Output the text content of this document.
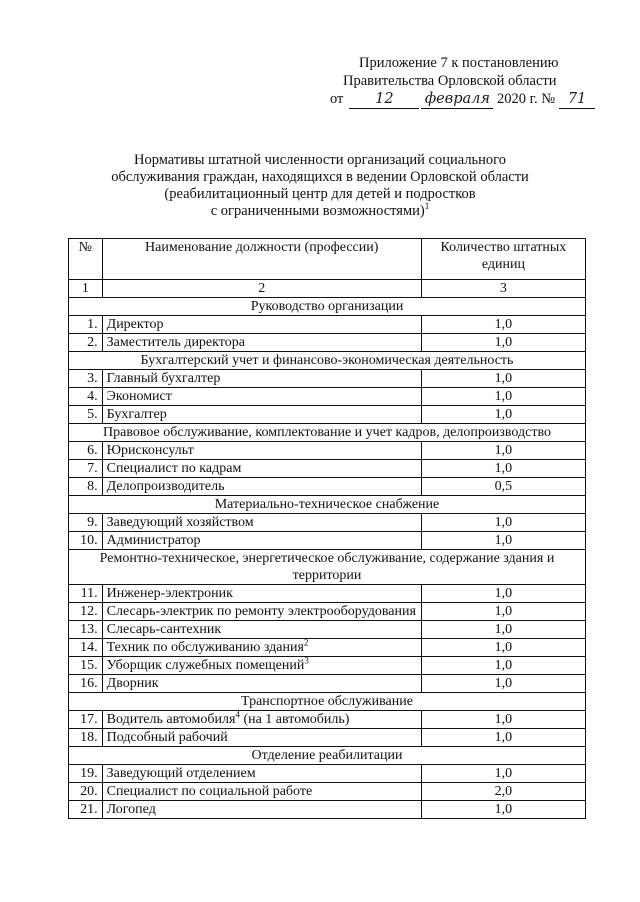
Приложение 7 к постановлению
Правительства Орловской области
от 12 февраля 2020 г. № 71
Нормативы штатной численности организаций социального
обслуживания граждан, находящихся в ведении Орловской области
(реабилитационный центр для детей и подростков
с ограниченными возможностями)$^1$
№	Наименование должности (профессии)	Количество штатных единиц
1	2	3
Руководство организации		
1.	Директор	1,0
2.	Заместитель директора	1,0
Бухгалтерский учет и финансово-экономическая деятельность		
3.	Главный бухгалтер	1,0
4.	Экономист	1,0
5.	Бухгалтер	1,0
Правовое обслуживание, комплектование и учет кадров, делопроизводство		
6.	Юрисконсульт	1,0
7.	Специалист по кадрам	1,0
8.	Делопроизводитель	0,5
Материально-техническое снабжение		
9.	Заведующий хозяйством	1,0
10.	Администратор	1,0
Ремонтно-техническое, энергетическое обслуживание, содержание здания и территории		
11.	Инженер-электроник	1,0
12.	Слесарь-электрик по ремонту электрооборудования	1,0
13.	Слесарь-сантехник	1,0
14.	Техник по обслуживанию здания$^2$	1,0
15.	Уборщик служебных помещений$^3$	1,0
16.	Дворник	1,0
Транспортное обслуживание		
17.	Водитель автомобиля$^4$ (на 1 автомобиль)	1,0
18.	Подсобный рабочий	1,0
Отделение реабилитации		
19.	Заведующий отделением	1,0
20.	Специалист по социальной работе	2,0
21.	Логопед	1,0
